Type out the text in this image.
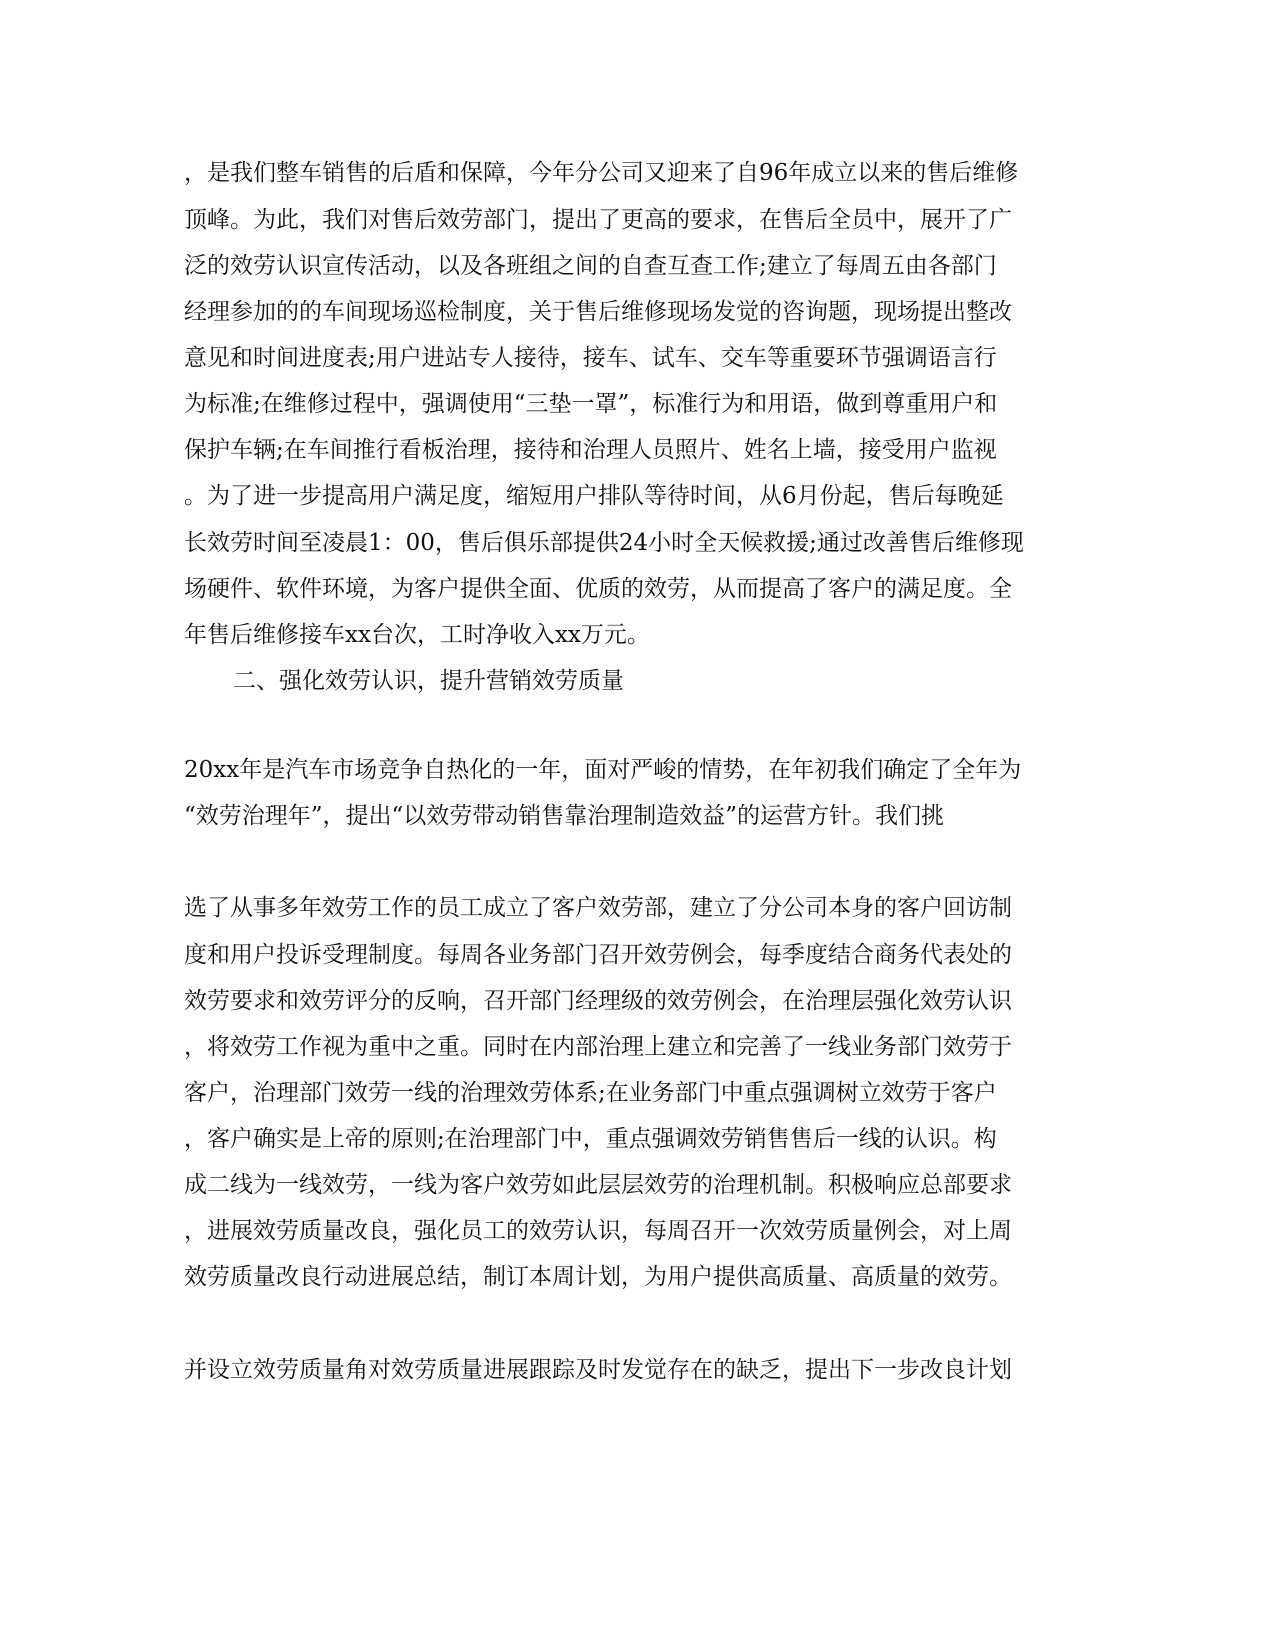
，是我们整车销售的后盾和保障，今年分公司又迎来了自96年成立以来的售后维修
顶峰。为此，我们对售后效劳部门，提出了更高的要求，在售后全员中，展开了广
泛的效劳认识宣传活动，以及各班组之间的自查互查工作;建立了每周五由各部门
经理参加的的车间现场巡检制度，关于售后维修现场发觉的咨询题，现场提出整改
意见和时间进度表;用户进站专人接待，接车、试车、交车等重要环节强调语言行
为标准;在维修过程中，强调使用“三垫一罩”，标准行为和用语，做到尊重用户和
保护车辆;在车间推行看板治理，接待和治理人员照片、姓名上墙，接受用户监视
。为了进一步提高用户满足度，缩短用户排队等待时间，从6月份起，售后每晚延
长效劳时间至凌晨1：00，售后俱乐部提供24小时全天候救援;通过改善售后维修现
场硬件、软件环境，为客户提供全面、优质的效劳，从而提高了客户的满足度。全
年售后维修接车xx台次，工时净收入xx万元。
二、强化效劳认识，提升营销效劳质量
20xx年是汽车市场竞争自热化的一年，面对严峻的情势，在年初我们确定了全年为
“效劳治理年”，提出“以效劳带动销售靠治理制造效益”的运营方针。我们挑
选了从事多年效劳工作的员工成立了客户效劳部，建立了分公司本身的客户回访制
度和用户投诉受理制度。每周各业务部门召开效劳例会，每季度结合商务代表处的
效劳要求和效劳评分的反响，召开部门经理级的效劳例会，在治理层强化效劳认识
，将效劳工作视为重中之重。同时在内部治理上建立和完善了一线业务部门效劳于
客户，治理部门效劳一线的治理效劳体系;在业务部门中重点强调树立效劳于客户
，客户确实是上帝的原则;在治理部门中，重点强调效劳销售售后一线的认识。构
成二线为一线效劳，一线为客户效劳如此层层效劳的治理机制。积极响应总部要求
，进展效劳质量改良，强化员工的效劳认识，每周召开一次效劳质量例会，对上周
效劳质量改良行动进展总结，制订本周计划，为用户提供高质量、高质量的效劳。
并设立效劳质量角对效劳质量进展跟踪及时发觉存在的缺乏，提出下一步改良计划
